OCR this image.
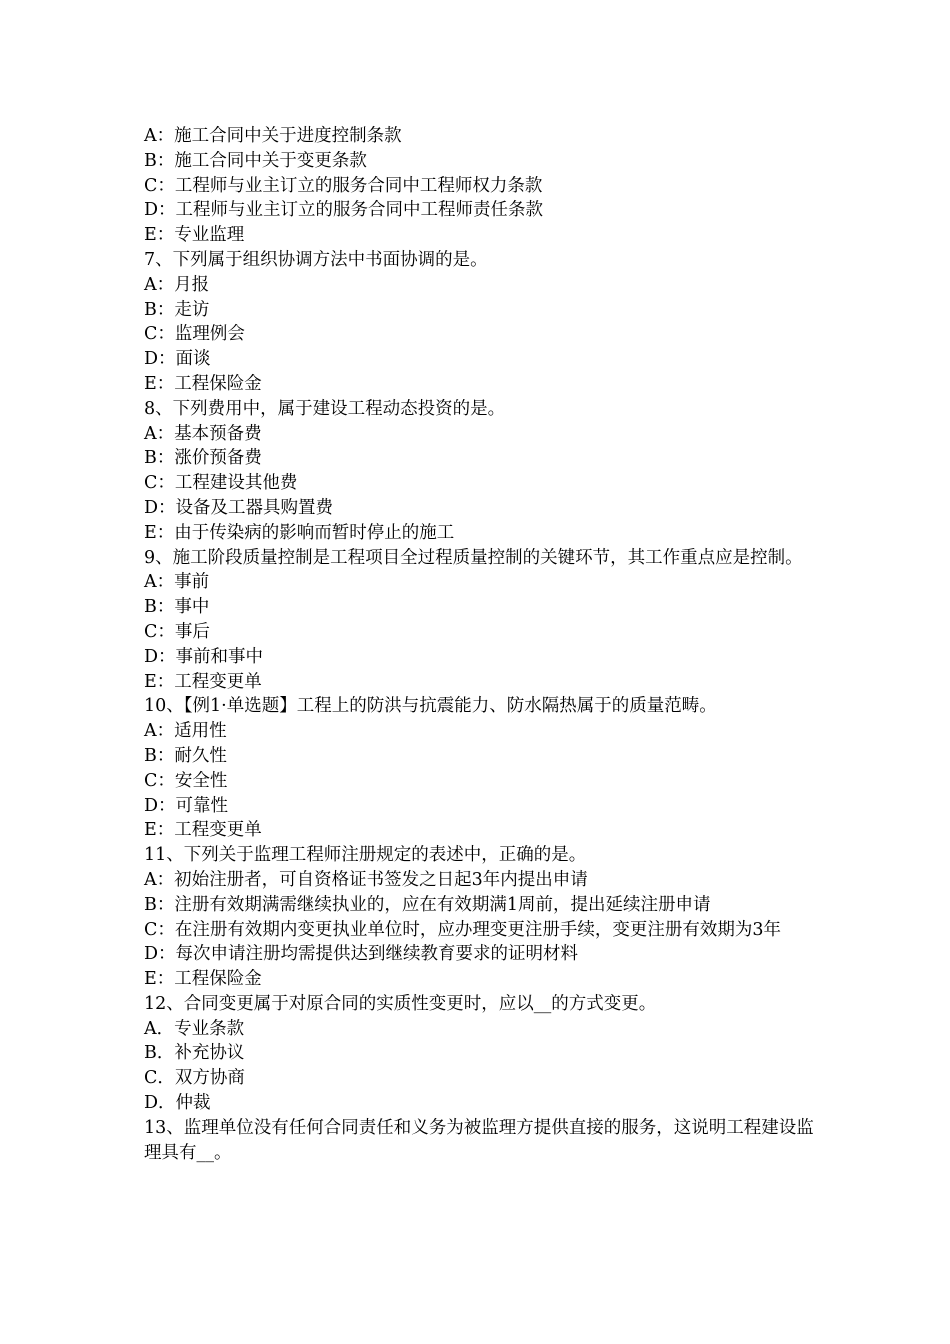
A：施工合同中关于进度控制条款
B：施工合同中关于变更条款
C：工程师与业主订立的服务合同中工程师权力条款
D：工程师与业主订立的服务合同中工程师责任条款
E：专业监理
7、下列属于组织协调方法中书面协调的是。
A：月报
B：走访
C：监理例会
D：面谈
E：工程保险金
8、下列费用中，属于建设工程动态投资的是。
A：基本预备费
B：涨价预备费
C：工程建设其他费
D：设备及工器具购置费
E：由于传染病的影响而暂时停止的施工
9、施工阶段质量控制是工程项目全过程质量控制的关键环节，其工作重点应是控制。
A：事前
B：事中
C：事后
D：事前和事中
E：工程变更单
10、【例1·单选题】工程上的防洪与抗震能力、防水隔热属于的质量范畴。
A：适用性
B：耐久性
C：安全性
D：可靠性
E：工程变更单
11、下列关于监理工程师注册规定的表述中，正确的是。
A：初始注册者，可自资格证书签发之日起3年内提出申请
B：注册有效期满需继续执业的，应在有效期满1周前，提出延续注册申请
C：在注册有效期内变更执业单位时，应办理变更注册手续，变更注册有效期为3年
D：每次申请注册均需提供达到继续教育要求的证明材料
E：工程保险金
12、合同变更属于对原合同的实质性变更时，应以__的方式变更。
A．专业条款
B．补充协议
C．双方协商
D．仲裁
13、监理单位没有任何合同责任和义务为被监理方提供直接的服务，这说明工程建设监理具有__。
